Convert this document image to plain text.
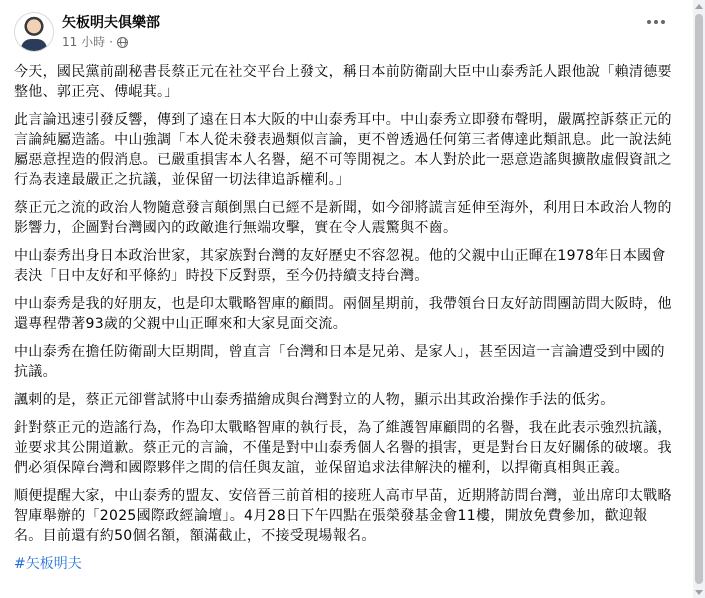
矢板明夫俱樂部
11 小時 ·

今天，國民黨前副秘書長蔡正元在社交平台上發文，稱日本前防衛副大臣中山泰秀託人跟他說「賴清德要整他、郭正亮、傅崐萁。」

此言論迅速引發反響，傳到了遠在日本大阪的中山泰秀耳中。中山泰秀立即發布聲明，嚴厲控訴蔡正元的言論純屬造謠。中山強調「本人從未發表過類似言論，更不曾透過任何第三者傳達此類訊息。此一說法純屬惡意捏造的假消息。已嚴重損害本人名譽，絕不可等閒視之。本人對於此一惡意造謠與擴散虛假資訊之行為表達最嚴正之抗議，並保留一切法律追訴權利。」

蔡正元之流的政治人物隨意發言顛倒黑白已經不是新聞，如今卻將謊言延伸至海外，利用日本政治人物的影響力，企圖對台灣國內的政敵進行無端攻擊，實在令人震驚與不齒。

中山泰秀出身日本政治世家，其家族對台灣的友好歷史不容忽視。他的父親中山正暉在1978年日本國會表決「日中友好和平條約」時投下反對票，至今仍持續支持台灣。

中山泰秀是我的好朋友，也是印太戰略智庫的顧問。兩個星期前，我帶領台日友好訪問團訪問大阪時，他還專程帶著93歲的父親中山正暉來和大家見面交流。

中山泰秀在擔任防衛副大臣期間，曾直言「台灣和日本是兄弟、是家人」，甚至因這一言論遭受到中國的抗議。

諷刺的是，蔡正元卻嘗試將中山泰秀描繪成與台灣對立的人物，顯示出其政治操作手法的低劣。

針對蔡正元的造謠行為，作為印太戰略智庫的執行長，為了維護智庫顧問的名譽，我在此表示強烈抗議，並要求其公開道歉。蔡正元的言論，不僅是對中山泰秀個人名譽的損害，更是對台日友好關係的破壞。我們必須保障台灣和國際夥伴之間的信任與友誼，並保留追求法律解決的權利，以捍衛真相與正義。

順便提醒大家，中山泰秀的盟友、安倍晉三前首相的接班人高市早苗，近期將訪問台灣，並出席印太戰略智庫舉辦的「2025國際政經論壇」。4月28日下午四點在張榮發基金會11樓，開放免費參加，歡迎報名。目前還有約50個名額，額滿截止，不接受現場報名。

#矢板明夫
